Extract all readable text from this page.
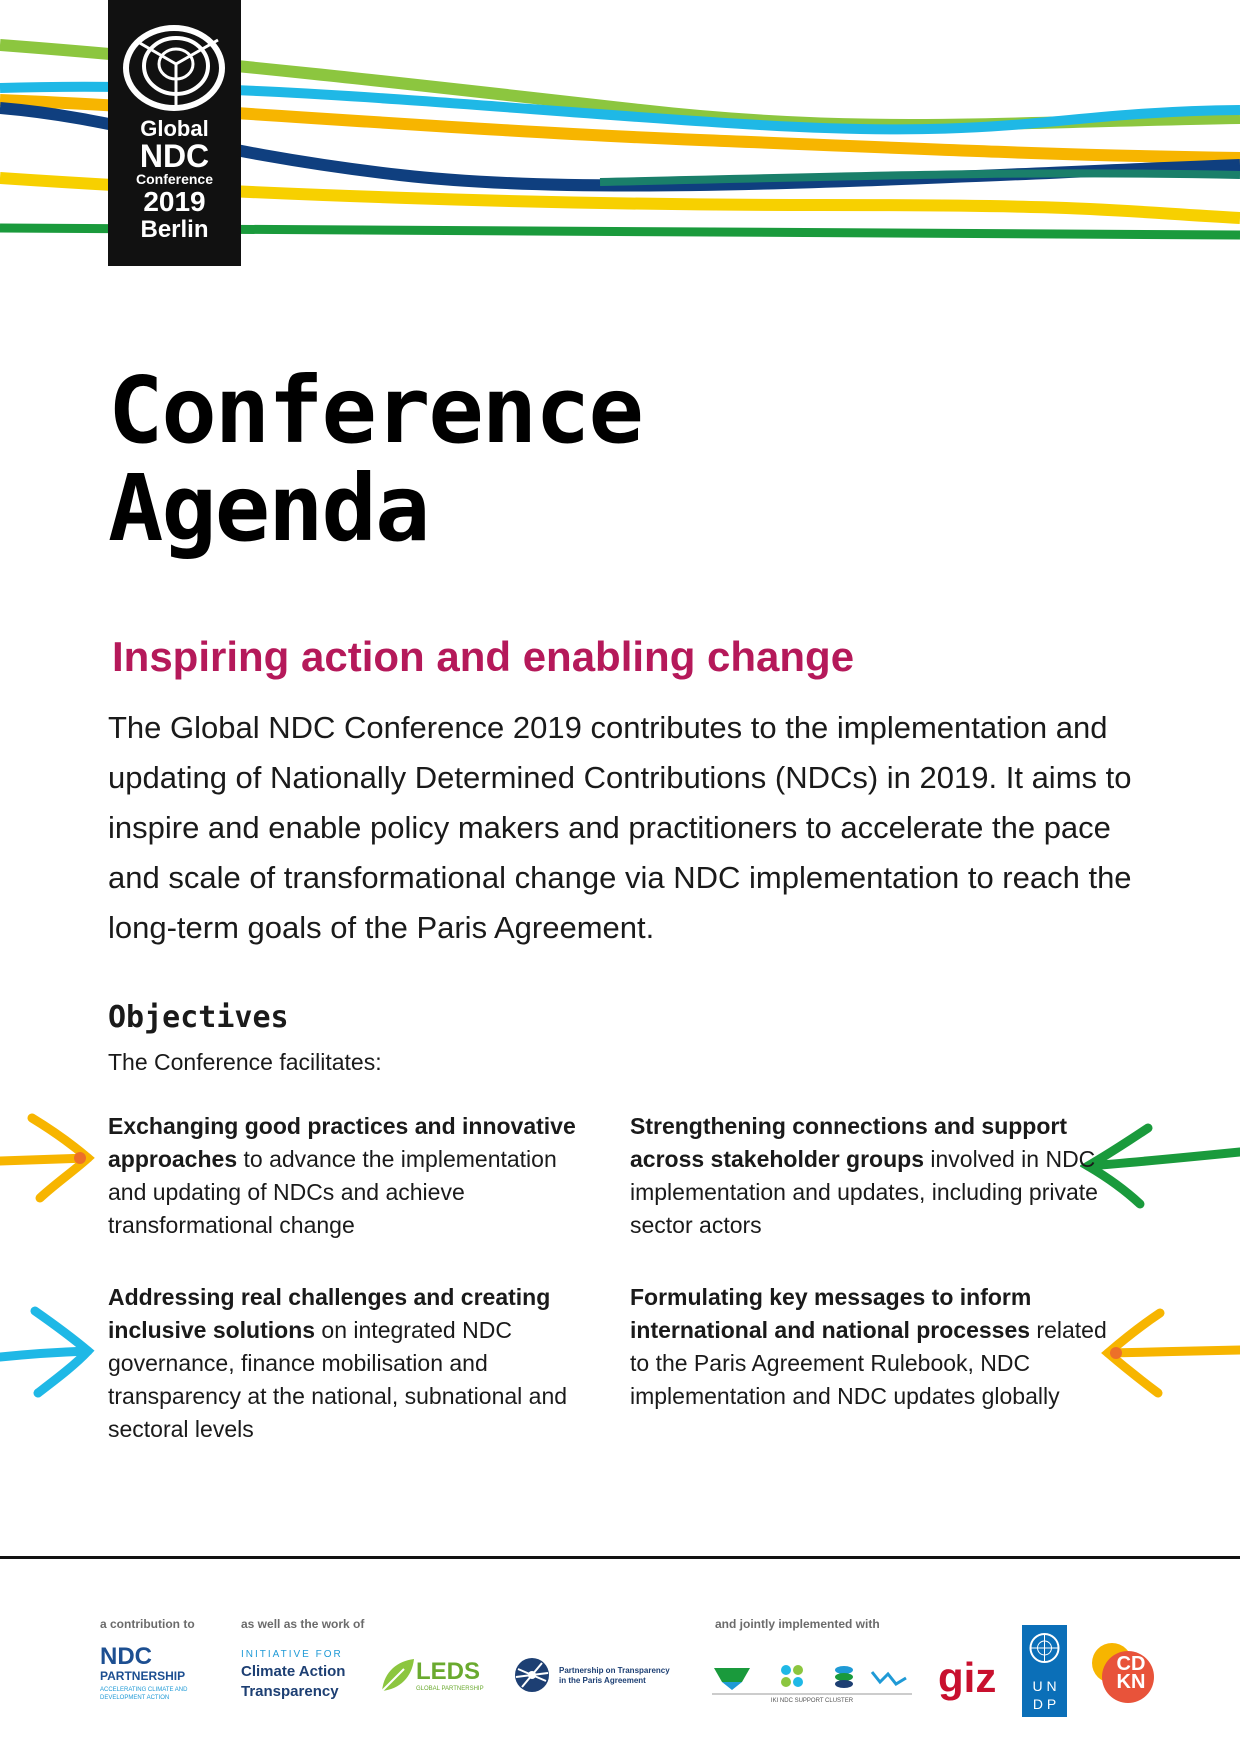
Global
NDC
Conference
2019
Berlin
Conference
Agenda
Inspiring action and enabling change

The Global NDC Conference 2019 contributes to the implementation and updating of Nationally Determined Contributions (NDCs) in 2019. It aims to inspire and enable policy makers and practitioners to accelerate the pace and scale of transformational change via NDC implementation to reach the long-term goals of the Paris Agreement.

Objectives
The Conference facilitates:
Exchanging good practices and innovative approaches to advance the implementation and updating of NDCs and achieve transformational change
Strengthening connections and support across stakeholder groups involved in NDC implementation and updates, including private sector actors
Addressing real challenges and creating inclusive solutions on integrated NDC governance, finance mobilisation and transparency at the national, subnational and sectoral levels
Formulating key messages to inform international and national processes related to the Paris Agreement Rulebook, NDC implementation and NDC updates globally
a contribution to	as well as the work of	and jointly implemented with
NDC
PARTNERSHIP
ACCELERATING CLIMATE AND DEVELOPMENT ACTION
INITIATIVE FOR
Climate Action
Transparency
LEDS
GLOBAL PARTNERSHIP
Partnership on Transparency in the Paris Agreement
IKI NDC SUPPORT CLUSTER	giz	U N
D P
CD
KN
